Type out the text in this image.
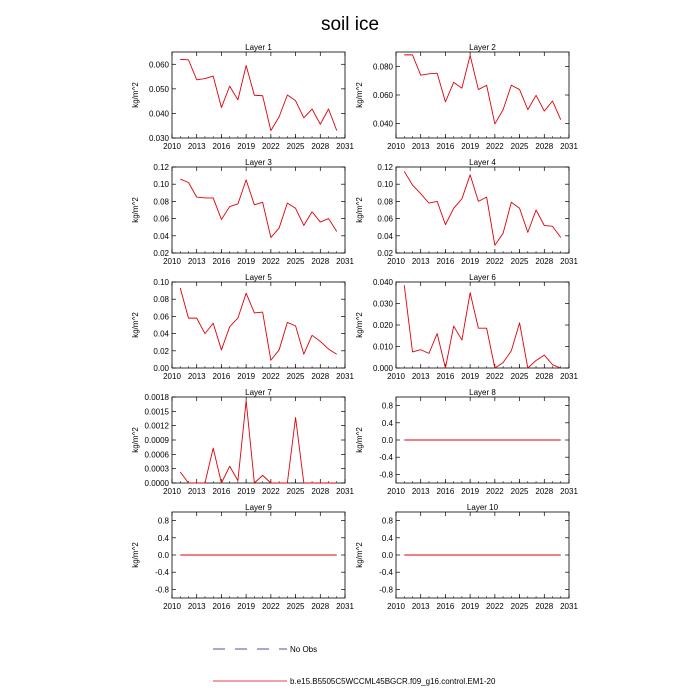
soil ice
Layer 1
kg/m^2
2010 2013 2016 2019 2022 2025 2028 2031
0.030
0.040
0.050
0.060
Layer 2
kg/m^2
2010 2013 2016 2019 2022 2025 2028 2031
0.040
0.060
0.080
Layer 3
kg/m^2
2010 2013 2016 2019 2022 2025 2028 2031
0.02
0.04
0.06
0.08
0.10
0.12
Layer 4
kg/m^2
2010 2013 2016 2019 2022 2025 2028 2031
0.02
0.04
0.06
0.08
0.10
0.12
Layer 5
kg/m^2
2010 2013 2016 2019 2022 2025 2028 2031
0.00
0.02
0.04
0.06
0.08
0.10
Layer 6
kg/m^2
2010 2013 2016 2019 2022 2025 2028 2031
0.000
0.010
0.020
0.030
0.040
Layer 7
kg/m^2
2010 2013 2016 2019 2022 2025 2028 2031
0.0000
0.0003
0.0006
0.0009
0.0012
0.0015
0.0018
Layer 8
kg/m^2
2010 2013 2016 2019 2022 2025 2028 2031
-0.8
-0.4
0.0
0.4
0.8
Layer 9
kg/m^2
2010 2013 2016 2019 2022 2025 2028 2031
-0.8
-0.4
0.0
0.4
0.8
Layer 10
kg/m^2
2010 2013 2016 2019 2022 2025 2028 2031
-0.8
-0.4
0.0
0.4
0.8
No Obs
b.e15.B5505C5WCCML45BGCR.f09_g16.control.EM1-20
